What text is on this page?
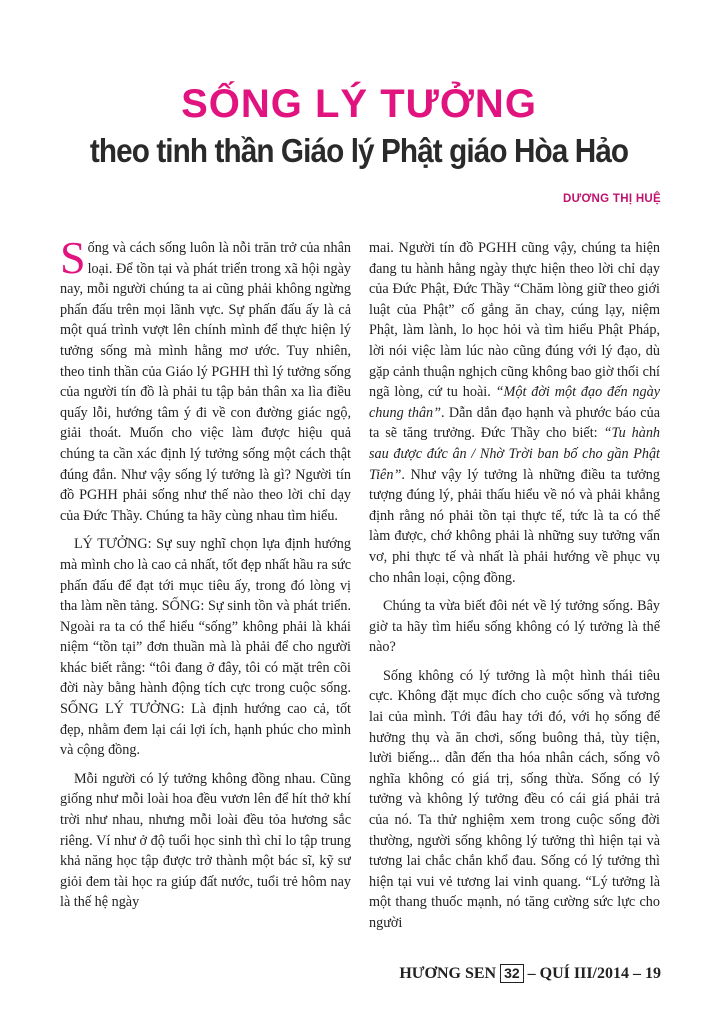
SỐNG LÝ TƯỞNG
theo tinh thần Giáo lý Phật giáo Hòa Hảo
DƯƠNG THỊ HUỆ

Sống và cách sống luôn là nỗi trăn trở của nhân loại. Để tồn tại và phát triển trong xã hội ngày nay, mỗi người chúng ta ai cũng phải không ngừng phấn đấu trên mọi lãnh vực. Sự phấn đấu ấy là cả một quá trình vượt lên chính mình để thực hiện lý tưởng sống mà mình hằng mơ ước. Tuy nhiên, theo tinh thần của Giáo lý PGHH thì lý tưởng sống của người tín đồ là phải tu tập bản thân xa lìa điều quấy lỗi, hướng tâm ý đi về con đường giác ngộ, giải thoát. Muốn cho việc làm được hiệu quả chúng ta cần xác định lý tưởng sống một cách thật đúng đắn. Như vậy sống lý tưởng là gì? Người tín đồ PGHH phải sống như thế nào theo lời chỉ dạy của Đức Thầy. Chúng ta hãy cùng nhau tìm hiểu.

LÝ TƯỞNG: Sự suy nghĩ chọn lựa định hướng mà mình cho là cao cả nhất, tốt đẹp nhất hầu ra sức phấn đấu để đạt tới mục tiêu ấy, trong đó lòng vị tha làm nền tảng. SỐNG: Sự sinh tồn và phát triển. Ngoài ra ta có thể hiểu “sống” không phải là khái niệm “tồn tại” đơn thuần mà là phải để cho người khác biết rằng: “tôi đang ở đây, tôi có mặt trên cõi đời này bằng hành động tích cực trong cuộc sống. SỐNG LÝ TƯỞNG: Là định hướng cao cả, tốt đẹp, nhằm đem lại cái lợi ích, hạnh phúc cho mình và cộng đồng.

Mỗi người có lý tưởng không đồng nhau. Cũng giống như mỗi loài hoa đều vươn lên để hít thở khí trời như nhau, nhưng mỗi loài đều tỏa hương sắc riêng. Ví như ở độ tuổi học sinh thì chỉ lo tập trung khả năng học tập được trở thành một bác sĩ, kỹ sư giỏi đem tài học ra giúp đất nước, tuổi trẻ hôm nay là thế hệ ngày

mai. Người tín đồ PGHH cũng vậy, chúng ta hiện đang tu hành hằng ngày thực hiện theo lời chỉ dạy của Đức Phật, Đức Thầy “Chăm lòng giữ theo giới luật của Phật” cố gắng ăn chay, cúng lạy, niệm Phật, làm lành, lo học hỏi và tìm hiểu Phật Pháp, lời nói việc làm lúc nào cũng đúng với lý đạo, dù gặp cảnh thuận nghịch cũng không bao giờ thối chí ngã lòng, cứ tu hoài. “Một đời một đạo đến ngày chung thân”. Dẫn dắn đạo hạnh và phước báo của ta sẽ tăng trưởng. Đức Thầy cho biết: “Tu hành sau được đức ân / Nhờ Trời ban bố cho gần Phật Tiên”. Như vậy lý tưởng là những điều ta tưởng tượng đúng lý, phải thấu hiểu về nó và phải khẳng định rằng nó phải tồn tại thực tế, tức là ta có thể làm được, chớ không phải là những suy tưởng vẩn vơ, phi thực tế và nhất là phải hướng về phục vụ cho nhân loại, cộng đồng.

Chúng ta vừa biết đôi nét về lý tưởng sống. Bây giờ ta hãy tìm hiểu sống không có lý tưởng là thế nào?

Sống không có lý tưởng là một hình thái tiêu cực. Không đặt mục đích cho cuộc sống và tương lai của mình. Tới đâu hay tới đó, với họ sống để hưởng thụ và ăn chơi, sống buông thả, tùy tiện, lười biếng... dẫn đến tha hóa nhân cách, sống vô nghĩa không có giá trị, sống thừa. Sống có lý tưởng và không lý tưởng đều có cái giá phải trả của nó. Ta thử nghiệm xem trong cuộc sống đời thường, người sống không lý tưởng thì hiện tại và tương lai chắc chắn khổ đau. Sống có lý tưởng thì hiện tại vui vẻ tương lai vinh quang. “Lý tưởng là một thang thuốc mạnh, nó tăng cường sức lực cho người

HƯƠNG SEN 32 – QUÍ III/2014 – 19
